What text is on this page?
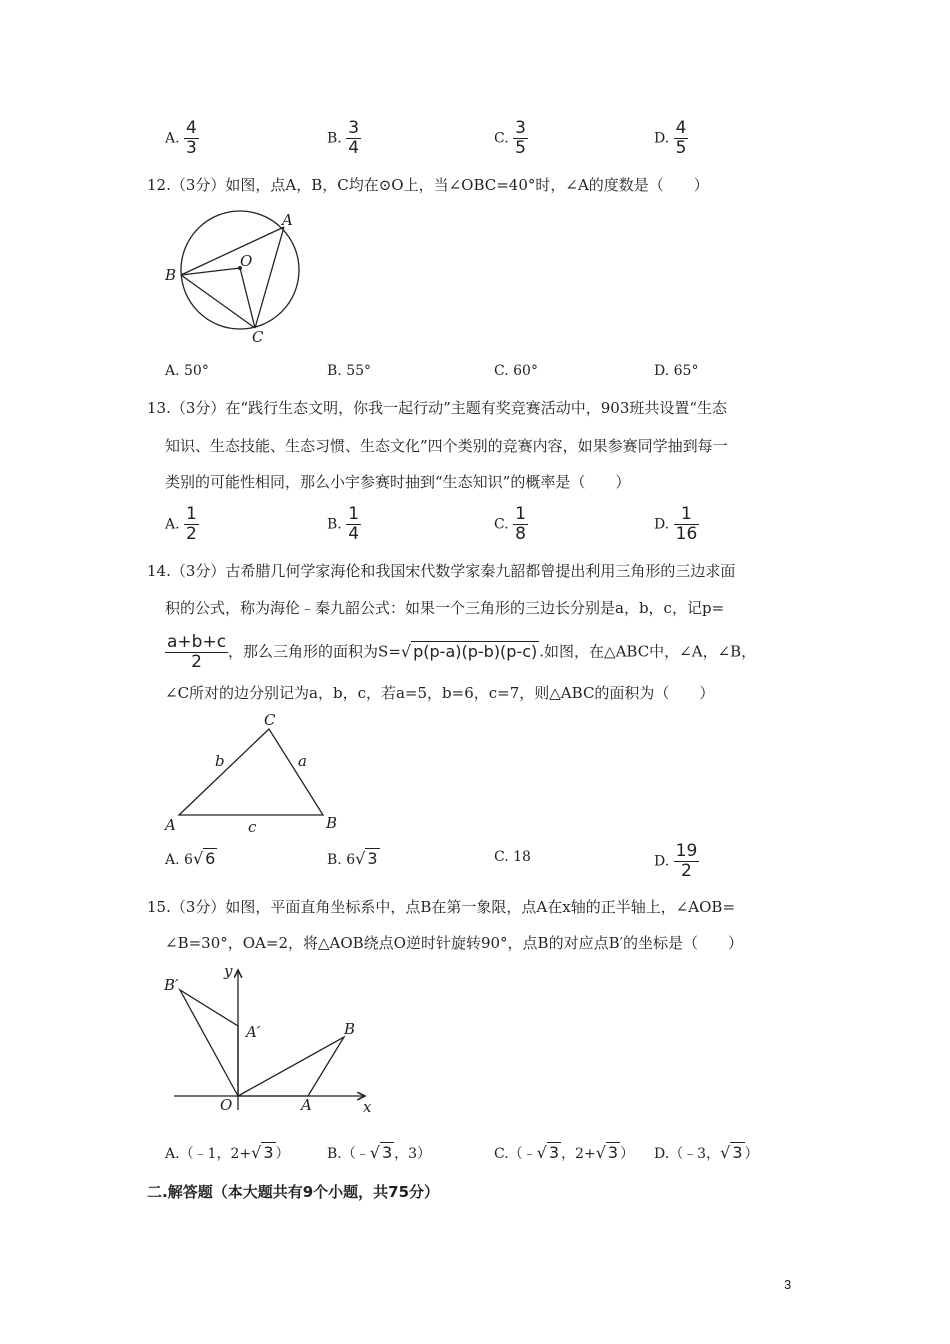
A. $\frac{4}{3}$	B. $\frac{3}{4}$	C. $\frac{3}{5}$	D. $\frac{4}{5}$
12.（3分）如图，点A，B，C均在⊙O上，当∠OBC=40°时，∠A的度数是（　　）
A
B
C
O
A. 50°	B. 55°	C. 60°	D. 65°
13.（3分）在“践行生态文明，你我一起行动”主题有奖竞赛活动中，903班共设置“生态
知识、生态技能、生态习惯、生态文化”四个类别的竞赛内容，如果参赛同学抽到每一
类别的可能性相同，那么小宇参赛时抽到“生态知识”的概率是（　　）
A. $\frac{1}{2}$	B. $\frac{1}{4}$	C. $\frac{1}{8}$	D. $\frac{1}{16}$
14.（3分）古希腊几何学家海伦和我国宋代数学家秦九韶都曾提出利用三角形的三边求面
积的公式，称为海伦﹣秦九韶公式：如果一个三角形的三边长分别是a，b，c，记p=
$\frac{a+b+c}{2}$ ，那么三角形的面积为S=√ p(p-a)(p-b)(p-c) .如图，在△ABC中，∠A，∠B，
∠C所对的边分别记为a，b，c，若a=5，b=6，c=7，则△ABC的面积为（　　）
C
A	B
b	a
c
A. 6√ 6	B. 6√ 3	C. 18	D. $\frac{19}{2}$
15.（3分）如图，平面直角坐标系中，点B在第一象限，点A在x轴的正半轴上，∠AOB=
∠B=30°，OA=2，将△AOB绕点O逆时针旋转90°，点B的对应点B′的坐标是（　　）
B′
A′	B
O	A	x
y
A.（﹣1，2+√ 3 ）	B.（﹣√ 3 ，3）	C.（﹣√ 3 ，2+√ 3 ） D.（﹣3，√ 3 ）
二.解答题（本大题共有9个小题，共75分）
3
